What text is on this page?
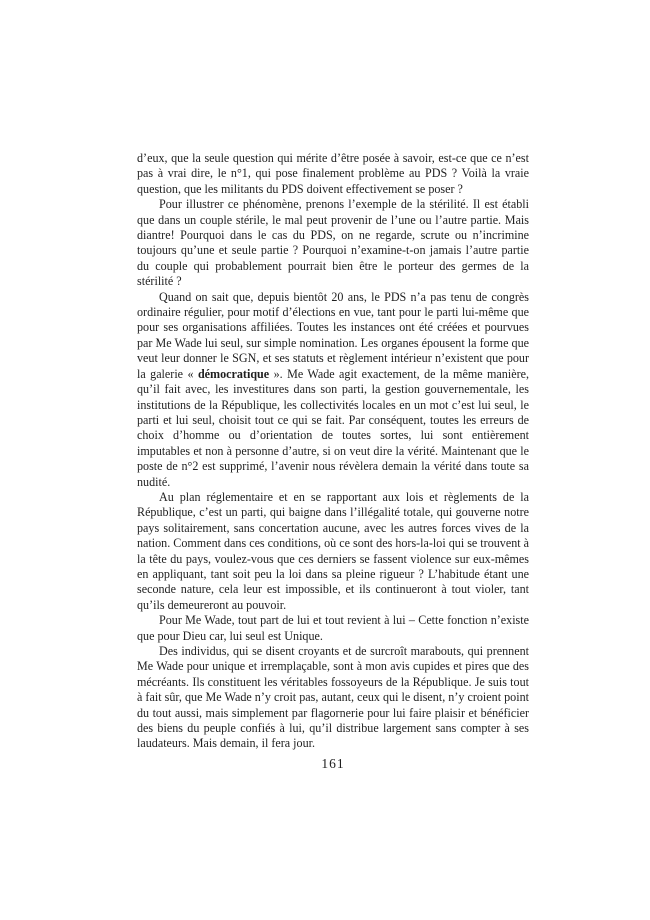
d’eux, que la seule question qui mérite d’être posée à savoir, est-ce que ce n’est pas à vrai dire, le n°1, qui pose finalement problème au PDS ? Voilà la vraie question, que les militants du PDS doivent effectivement se poser ?

Pour illustrer ce phénomène, prenons l’exemple de la stérilité. Il est établi que dans un couple stérile, le mal peut provenir de l’une ou l’autre partie. Mais diantre! Pourquoi dans le cas du PDS, on ne regarde, scrute ou n’incrimine toujours qu’une et seule partie ? Pourquoi n’examine-t-on jamais l’autre partie du couple qui probablement pourrait bien être le porteur des germes de la stérilité ?

Quand on sait que, depuis bientôt 20 ans, le PDS n’a pas tenu de congrès ordinaire régulier, pour motif d’élections en vue, tant pour le parti lui-même que pour ses organisations affiliées. Toutes les instances ont été créées et pourvues par Me Wade lui seul, sur simple nomination. Les organes épousent la forme que veut leur donner le SGN, et ses statuts et règlement intérieur n’existent que pour la galerie « démocratique ». Me Wade agit exactement, de la même manière, qu’il fait avec, les investitures dans son parti, la gestion gouvernementale, les institutions de la République, les collectivités locales en un mot c’est lui seul, le parti et lui seul, choisit tout ce qui se fait. Par conséquent, toutes les erreurs de choix d’homme ou d’orientation de toutes sortes, lui sont entièrement imputables et non à personne d’autre, si on veut dire la vérité. Maintenant que le poste de n°2 est supprimé, l’avenir nous révèlera demain la vérité dans toute sa nudité.

Au plan réglementaire et en se rapportant aux lois et règlements de la République, c’est un parti, qui baigne dans l’illégalité totale, qui gouverne notre pays solitairement, sans concertation aucune, avec les autres forces vives de la nation. Comment dans ces conditions, où ce sont des hors-la-loi qui se trouvent à la tête du pays, voulez-vous que ces derniers se fassent violence sur eux-mêmes en appliquant, tant soit peu la loi dans sa pleine rigueur ? L’habitude étant une seconde nature, cela leur est impossible, et ils continueront à tout violer, tant qu’ils demeureront au pouvoir.

Pour Me Wade, tout part de lui et tout revient à lui – Cette fonction n’existe que pour Dieu car, lui seul est Unique.

Des individus, qui se disent croyants et de surcroît marabouts, qui prennent Me Wade pour unique et irremplaçable, sont à mon avis cupides et pires que des mécréants. Ils constituent les véritables fossoyeurs de la République. Je suis tout à fait sûr, que Me Wade n’y croit pas, autant, ceux qui le disent, n’y croient point du tout aussi, mais simplement par flagornerie pour lui faire plaisir et bénéficier des biens du peuple confiés à lui, qu’il distribue largement sans compter à ses laudateurs. Mais demain, il fera jour.

161
